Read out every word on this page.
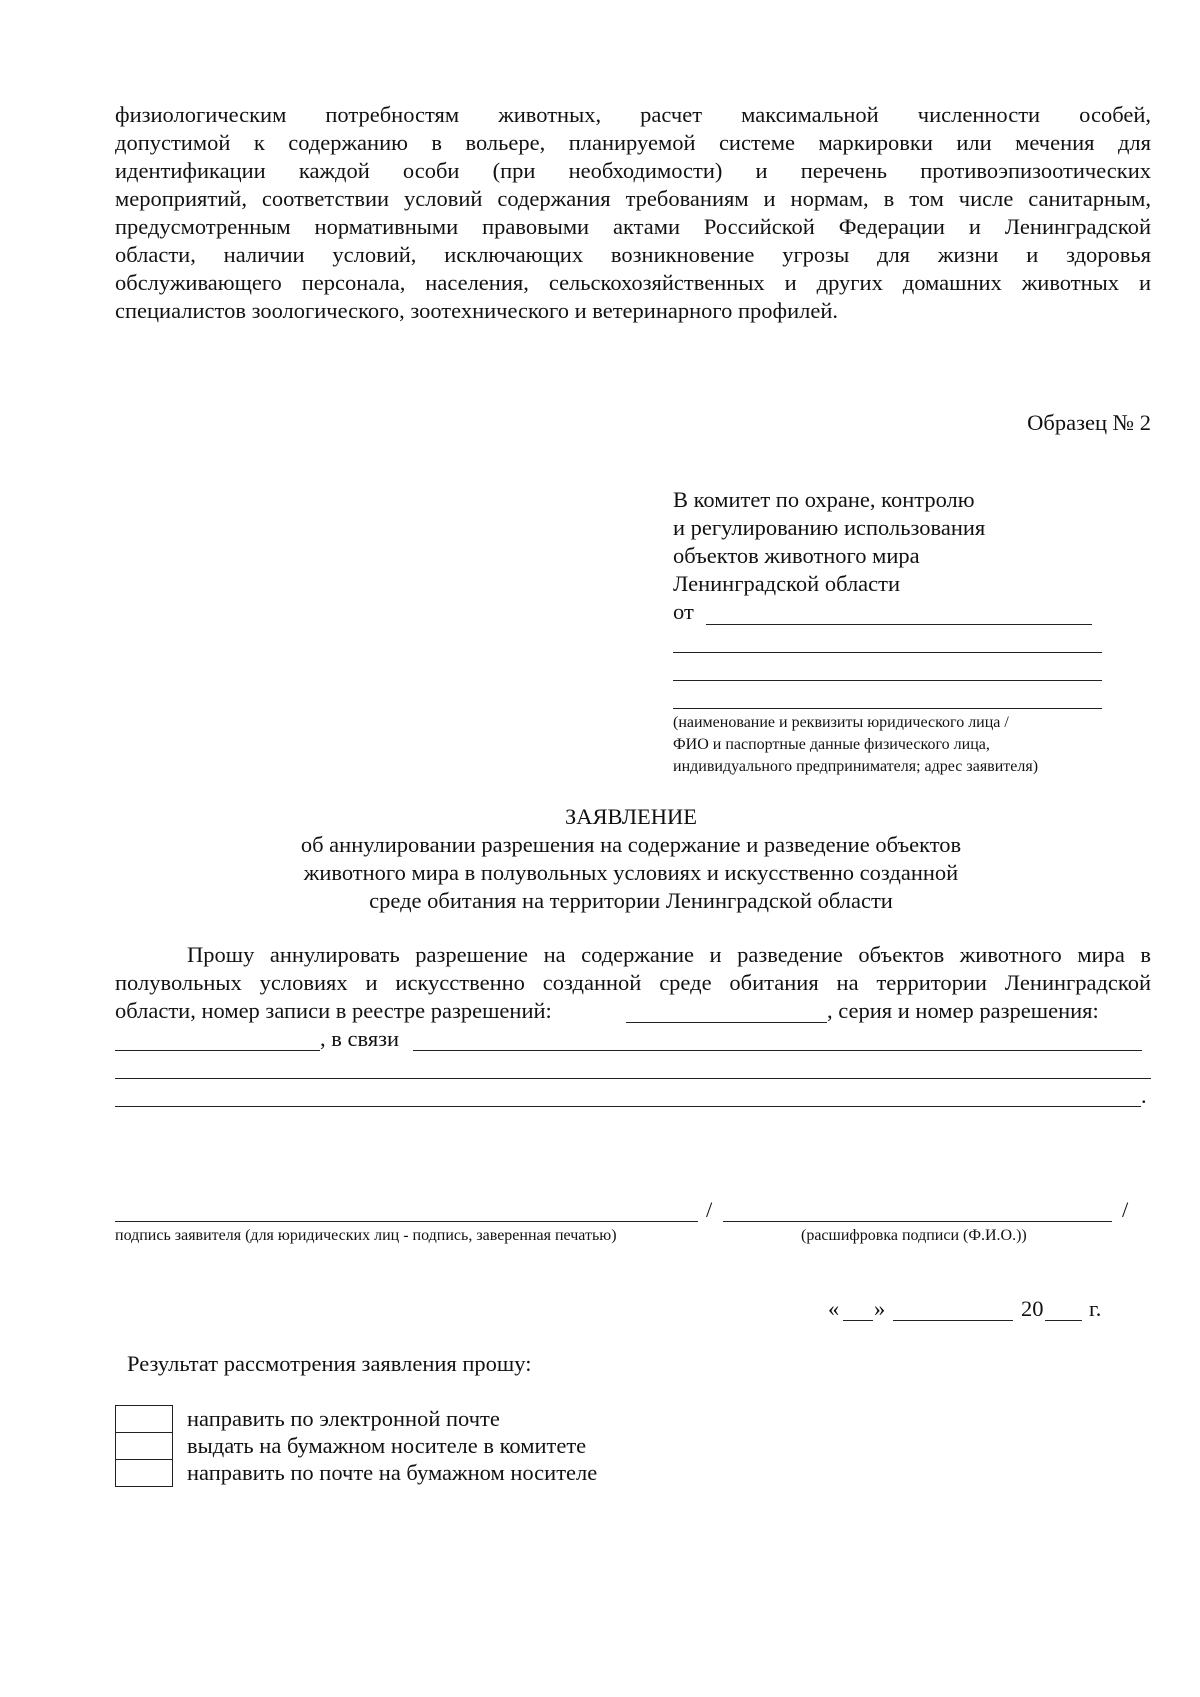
физиологическим потребностям животных, расчет максимальной численности особей,
допустимой к содержанию в вольере, планируемой системе маркировки или мечения для
идентификации каждой особи (при необходимости) и перечень противоэпизоотических
мероприятий, соответствии условий содержания требованиям и нормам, в том числе санитарным,
предусмотренным нормативными правовыми актами Российской Федерации и Ленинградской
области, наличии условий, исключающих возникновение угрозы для жизни и здоровья
обслуживающего персонала, населения, сельскохозяйственных и других домашних животных и
специалистов зоологического, зоотехнического и ветеринарного профилей.
Образец № 2
В комитет по охране, контролю
и регулированию использования
объектов животного мира
Ленинградской области
от
(наименование и реквизиты юридического лица /
ФИО и паспортные данные физического лица,
индивидуального предпринимателя; адрес заявителя)
ЗАЯВЛЕНИЕ
об аннулировании разрешения на содержание и разведение объектов
животного мира в полувольных условиях и искусственно созданной
среде обитания на территории Ленинградской области
Прошу аннулировать разрешение на содержание и разведение объектов животного мира в
полувольных условиях и искусственно созданной среде обитания на территории Ленинградской
области, номер записи в реестре разрешений:	, серия и номер разрешения:
, в связи
.
/	/
подпись заявителя (для юридических лиц - подпись, заверенная печатью)	(расшифровка подписи (Ф.И.О.))
« »	20 г.
Результат рассмотрения заявления прошу:
направить по электронной почте
выдать на бумажном носителе в комитете
направить по почте на бумажном носителе
